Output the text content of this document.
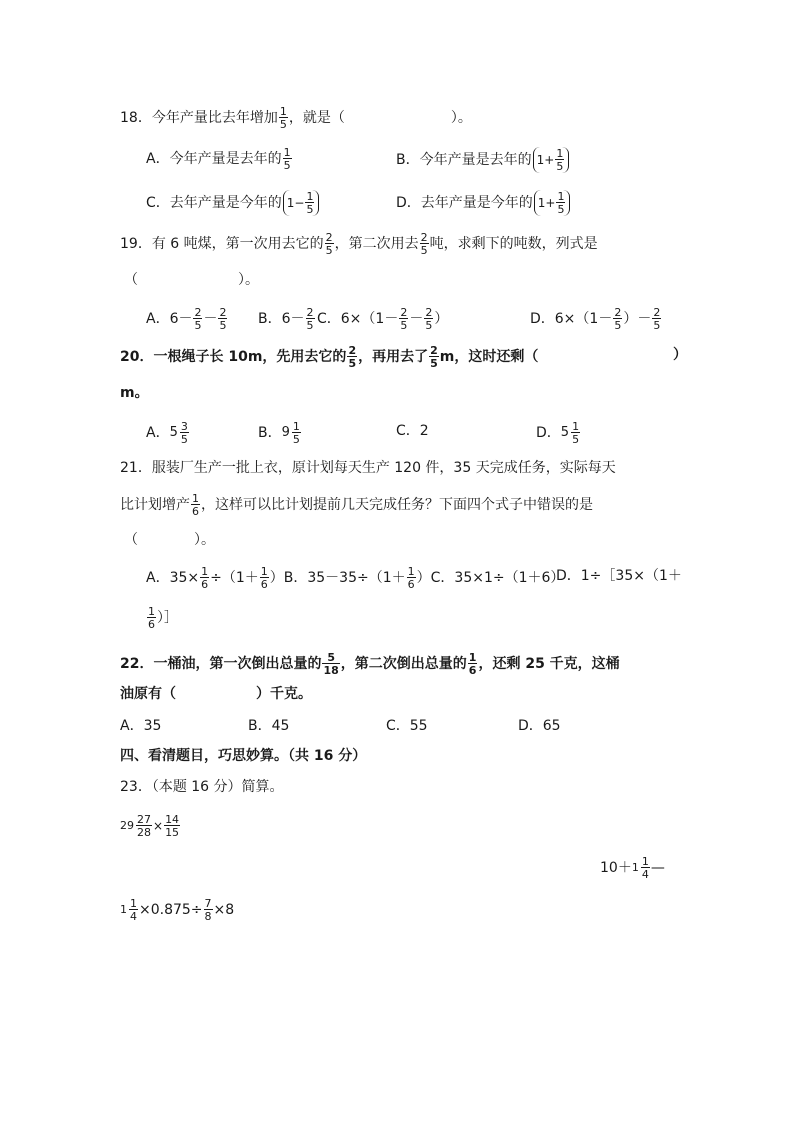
18．今年产量比去年增加 $\frac{1}{5}$ ，就是（	）。
A．今年产量是去年的 $\frac{1}{5}$	B．今年产量是去年的 $1+ \frac{1}{5}$
C．去年产量是今年的 $1- \frac{1}{5}$	D．去年产量是今年的 $1+ \frac{1}{5}$
19．有 6 吨煤，第一次用去它的 $\frac{2}{5}$ ，第二次用去 $\frac{2}{5}$ 吨，求剩下的吨数，列式是
（	）。
A．$6- \frac{2}{5} - \frac{2}{5}$ B．$6- \frac{2}{5}$ C．$6\times(1- \frac{2}{5} - \frac{2}{5}$ ）	D．$6\times(1- \frac{2}{5}$ ）－ $\frac{2}{5}$
20．一根绳子长 10m，先用去它的 $\frac{2}{5}$ ，再用去了 $\frac{2}{5}$ m，这时还剩（	）
m。
A． $5 \frac{3}{5}$	B． $9 \frac{1}{5}$	C．2	D． $5 \frac{1}{5}$
21．服装厂生产一批上衣，原计划每天生产 120 件，35 天完成任务，实际每天
比计划增产 $\frac{1}{6}$ ，这样可以比计划提前几天完成任务？下面四个式子中错误的是
（	）。
A．$35\times \frac{1}{6} \div(1+ \frac{1}{6} )B$．$35-35\div(1+ \frac{1}{6} )C$．35×1÷（1＋6）
D．1÷［35×（1＋
$\frac{1}{6}$ ）］
22．一桶油，第一次倒出总量的 $\frac{5}{18}$ ，第二次倒出总量的 $\frac{1}{6}$ ，还剩 25 千克，这桶
油原有（	）千克。
A．35	B．45	C．55	D．65
四、看清题目，巧思妙算。（共 16 分）
23．（本题 16 分）简算。
$29 \frac{27}{28} \times \frac{14}{15}$
$10+ 1 \frac{1}{4}$ —
$1 \frac{1}{4} \times 0.875\div \frac{7}{8} \times 8$
